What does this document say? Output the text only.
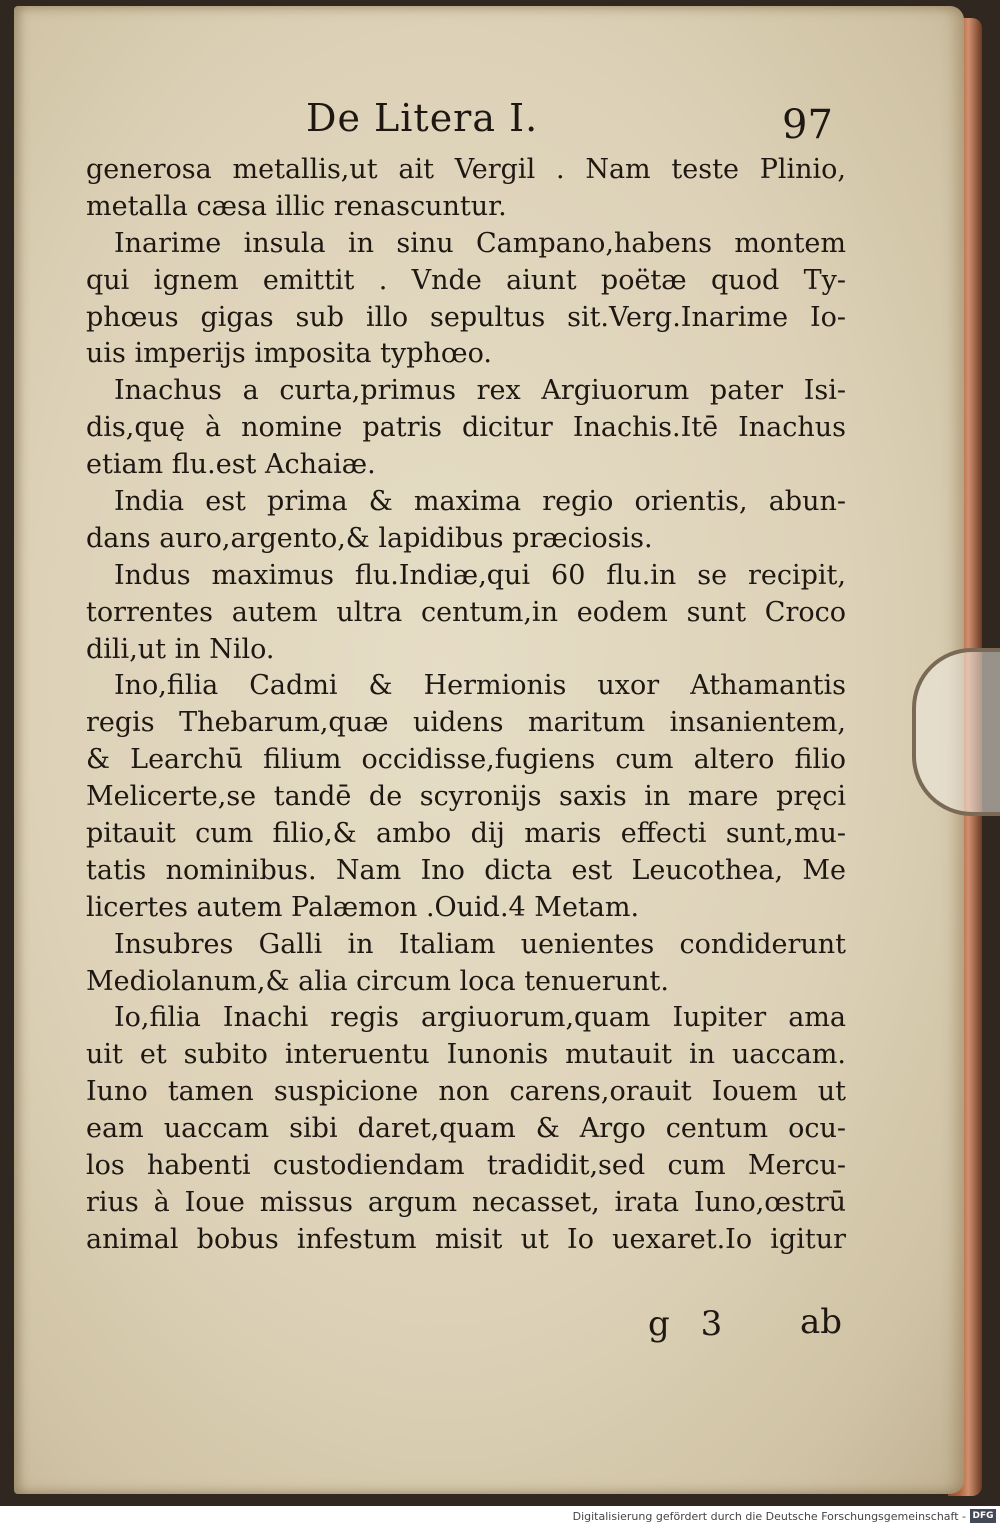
De Litera I.	97
generosa metallis,ut ait Vergil . Nam teste Plinio,
metalla cæsa illic renascuntur.
Inarime insula in sinu Campano,habens montem
qui ignem emittit . Vnde aiunt poëtæ quod Ty-
phœus gigas sub illo sepultus sit.Verg.Inarime Io-
uis imperijs imposita typhœo.
Inachus a curta,primus rex Argiuorum pater Isi-
dis,quę à nomine patris dicitur Inachis.Itē Inachus
etiam flu.est Achaiæ.
India est prima & maxima regio orientis, abun-
dans auro,argento,& lapidibus præciosis.
Indus maximus flu.Indiæ,qui 60 flu.in se recipit,
torrentes autem ultra centum,in eodem sunt Croco
dili,ut in Nilo.
Ino,filia Cadmi & Hermionis uxor Athamantis
regis Thebarum,quæ uidens maritum insanientem,
& Learchū filium occidisse,fugiens cum altero filio
Melicerte,se tandē de scyronijs saxis in mare pręci
pitauit cum filio,& ambo dij maris effecti sunt,mu-
tatis nominibus. Nam Ino dicta est Leucothea, Me
licertes autem Palæmon .Ouid.4 Metam.
Insubres Galli in Italiam uenientes condiderunt
Mediolanum,& alia circum loca tenuerunt.
Io,filia Inachi regis argiuorum,quam Iupiter ama
uit et subito interuentu Iunonis mutauit in uaccam.
Iuno tamen suspicione non carens,orauit Iouem ut
eam uaccam sibi daret,quam & Argo centum ocu-
los habenti custodiendam tradidit,sed cum Mercu-
rius à Ioue missus argum necasset, irata Iuno,œstrū
animal bobus infestum misit ut Io uexaret.Io igitur
g 3 ab
Digitalisierung gefördert durch die Deutsche Forschungsgemeinschaft - DFG
